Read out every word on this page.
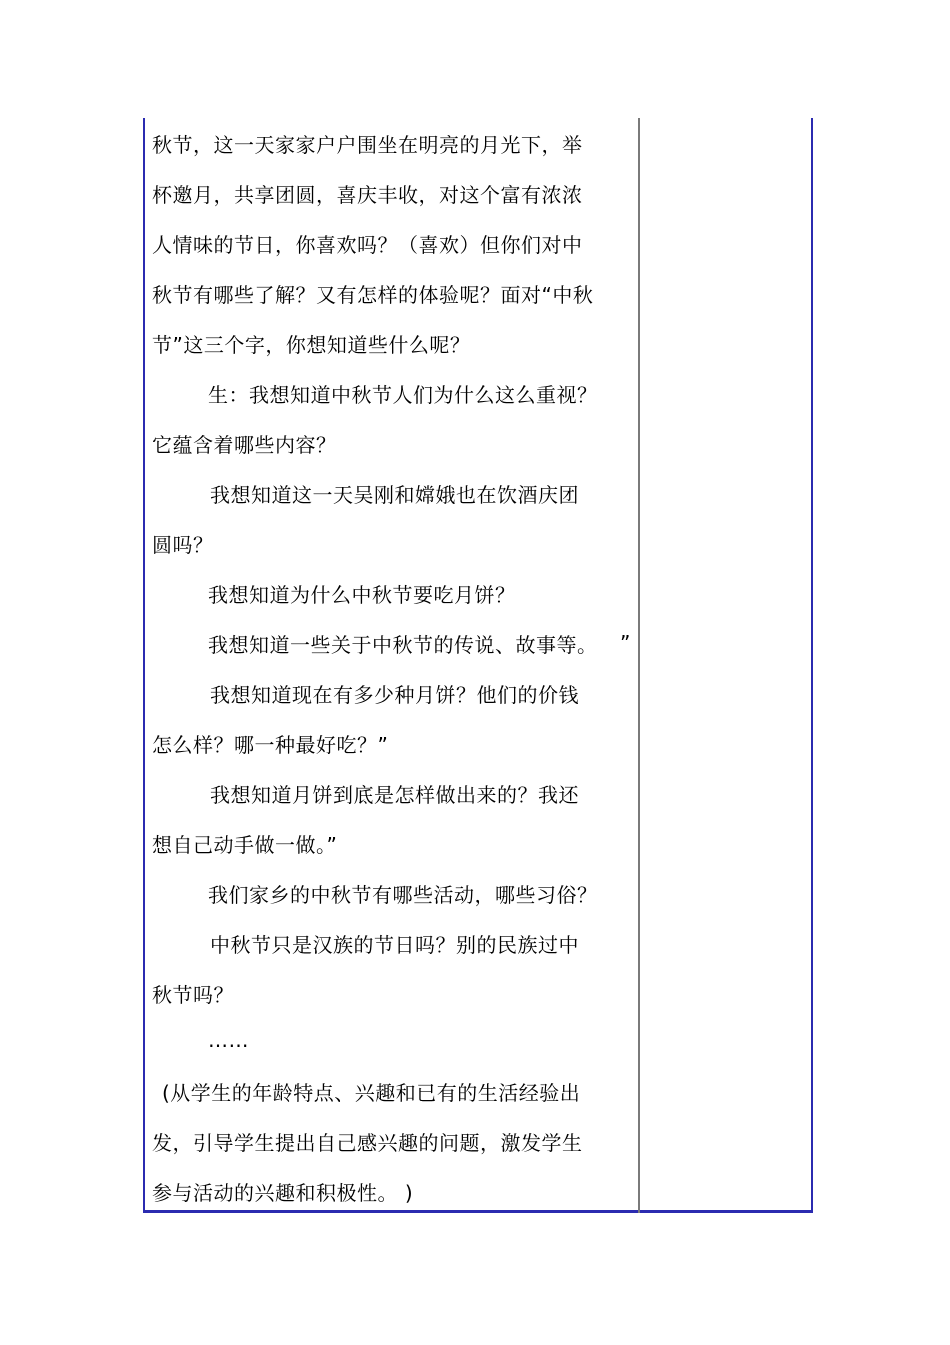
秋节，这一天家家户户围坐在明亮的月光下，举
杯邀月，共享团圆，喜庆丰收，对这个富有浓浓
人情味的节日，你喜欢吗？（喜欢）但你们对中
秋节有哪些了解？又有怎样的体验呢？面对“中秋
节”这三个字，你想知道些什么呢？
生：我想知道中秋节人们为什么这么重视？
它蕴含着哪些内容？
我想知道这一天吴刚和嫦娥也在饮酒庆团
圆吗？
我想知道为什么中秋节要吃月饼？
我想知道一些关于中秋节的传说、故事等。
我想知道现在有多少种月饼？他们的价钱
怎么样？哪一种最好吃？”
我想知道月饼到底是怎样做出来的？我还
想自己动手做一做。”
我们家乡的中秋节有哪些活动，哪些习俗？
中秋节只是汉族的节日吗？别的民族过中
秋节吗？
……
(从学生的年龄特点、兴趣和已有的生活经验出
发，引导学生提出自己感兴趣的问题，激发学生
参与活动的兴趣和积极性。 )
”
